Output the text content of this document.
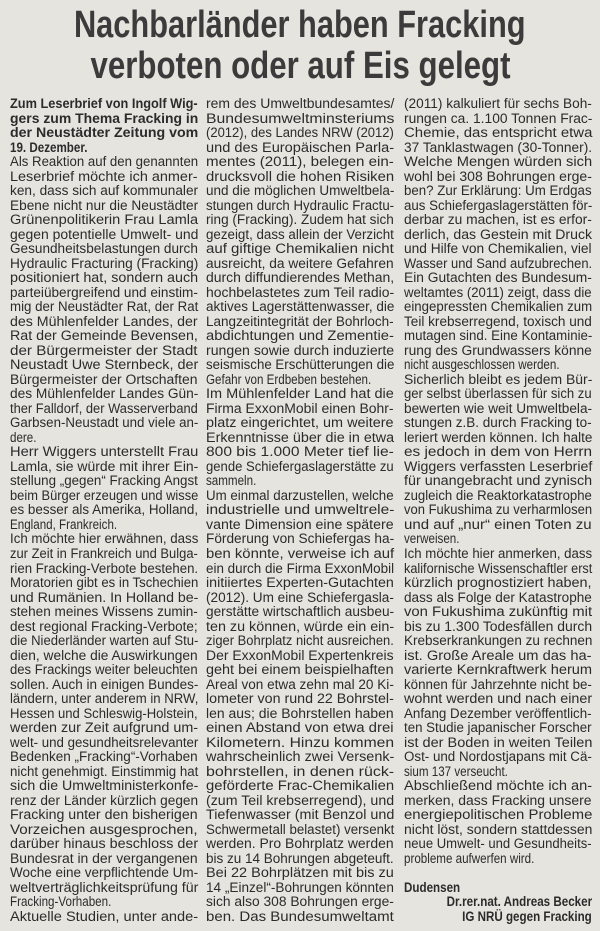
Nachbarländer haben Fracking
verboten oder auf Eis gelegt
Zum Leserbrief von Ingolf Wig-
gers zum Thema Fracking in
der Neustädter Zeitung vom
19. Dezember.
Als Reaktion auf den genannten
Leserbrief möchte ich anmer-
ken, dass sich auf kommunaler
Ebene nicht nur die Neustädter
Grünenpolitikerin Frau Lamla
gegen potentielle Umwelt- und
Gesundheitsbelastungen durch
Hydraulic Fracturing (Fracking)
positioniert hat, sondern auch
parteiübergreifend und einstim-
mig der Neustädter Rat, der Rat
des Mühlenfelder Landes, der
Rat der Gemeinde Bevensen,
der Bürgermeister der Stadt
Neustadt Uwe Sternbeck, der
Bürgermeister der Ortschaften
des Mühlenfelder Landes Gün-
ther Falldorf, der Wasserverband
Garbsen-Neustadt und viele an-
dere.
Herr Wiggers unterstellt Frau
Lamla, sie würde mit ihrer Ein-
stellung „gegen“ Fracking Angst
beim Bürger erzeugen und wisse
es besser als Amerika, Holland,
England, Frankreich.
Ich möchte hier erwähnen, dass
zur Zeit in Frankreich und Bulga-
rien Fracking-Verbote bestehen.
Moratorien gibt es in Tschechien
und Rumänien. In Holland be-
stehen meines Wissens zumin-
dest regional Fracking-Verbote;
die Niederländer warten auf Stu-
dien, welche die Auswirkungen
des Frackings weiter beleuchten
sollen. Auch in einigen Bundes-
ländern, unter anderem in NRW,
Hessen und Schleswig-Holstein,
werden zur Zeit aufgrund um-
welt- und gesundheitsrelevanter
Bedenken „Fracking“-Vorhaben
nicht genehmigt. Einstimmig hat
sich die Umweltministerkonfe-
renz der Länder kürzlich gegen
Fracking unter den bisherigen
Vorzeichen ausgesprochen,
darüber hinaus beschloss der
Bundesrat in der vergangenen
Woche eine verpflichtende Um-
weltverträglichkeitsprüfung für
Fracking-Vorhaben.
Aktuelle Studien, unter ande-
rem des Umweltbundesamtes/
Bundesumweltminsteriums
(2012), des Landes NRW (2012)
und des Europäischen Parla-
mentes (2011), belegen ein-
drucksvoll die hohen Risiken
und die möglichen Umweltbela-
stungen durch Hydraulic Fractu-
ring (Fracking). Zudem hat sich
gezeigt, dass allein der Verzicht
auf giftige Chemikalien nicht
ausreicht, da weitere Gefahren
durch diffundierendes Methan,
hochbelastetes zum Teil radio-
aktives Lagerstättenwasser, die
Langzeitintegrität der Bohrloch-
abdichtungen und Zementie-
rungen sowie durch induzierte
seismische Erschütterungen die
Gefahr von Erdbeben bestehen.
Im Mühlenfelder Land hat die
Firma ExxonMobil einen Bohr-
platz eingerichtet, um weitere
Erkenntnisse über die in etwa
800 bis 1.000 Meter tief lie-
gende Schiefergaslagerstätte zu
sammeln.
Um einmal darzustellen, welche
industrielle und umweltrele-
vante Dimension eine spätere
Förderung von Schiefergas ha-
ben könnte, verweise ich auf
ein durch die Firma ExxonMobil
initiiertes Experten-Gutachten
(2012). Um eine Schiefergasla-
gerstätte wirtschaftlich ausbeu-
ten zu können, würde ein ein-
ziger Bohrplatz nicht ausreichen.
Der ExxonMobil Expertenkreis
geht bei einem beispielhaften
Areal von etwa zehn mal 20 Ki-
lometer von rund 22 Bohrstel-
len aus; die Bohrstellen haben
einen Abstand von etwa drei
Kilometern. Hinzu kommen
wahrscheinlich zwei Versenk-
bohrstellen, in denen rück-
geförderte Frac-Chemikalien
(zum Teil krebserregend), und
Tiefenwasser (mit Benzol und
Schwermetall belastet) versenkt
werden. Pro Bohrplatz werden
bis zu 14 Bohrungen abgeteuft.
Bei 22 Bohrplätzen mit bis zu
14 „Einzel“-Bohrungen könnten
sich also 308 Bohrungen erge-
ben. Das Bundesumweltamt
(2011) kalkuliert für sechs Boh-
rungen ca. 1.100 Tonnen Frac-
Chemie, das entspricht etwa
37 Tanklastwagen (30-Tonner).
Welche Mengen würden sich
wohl bei 308 Bohrungen erge-
ben? Zur Erklärung: Um Erdgas
aus Schiefergaslagerstätten för-
derbar zu machen, ist es erfor-
derlich, das Gestein mit Druck
und Hilfe von Chemikalien, viel
Wasser und Sand aufzubrechen.
Ein Gutachten des Bundesum-
weltamtes (2011) zeigt, dass die
eingepressten Chemikalien zum
Teil krebserregend, toxisch und
mutagen sind. Eine Kontaminie-
rung des Grundwassers könne
nicht ausgeschlossen werden.
Sicherlich bleibt es jedem Bür-
ger selbst überlassen für sich zu
bewerten wie weit Umweltbela-
stungen z.B. durch Fracking to-
leriert werden können. Ich halte
es jedoch in dem von Herrn
Wiggers verfassten Leserbrief
für unangebracht und zynisch
zugleich die Reaktorkatastrophe
von Fukushima zu verharmlosen
und auf „nur“ einen Toten zu
verweisen.
Ich möchte hier anmerken, dass
kalifornische Wissenschaftler erst
kürzlich prognostiziert haben,
dass als Folge der Katastrophe
von Fukushima zukünftig mit
bis zu 1.300 Todesfällen durch
Krebserkrankungen zu rechnen
ist. Große Areale um das ha-
varierte Kernkraftwerk herum
können für Jahrzehnte nicht be-
wohnt werden und nach einer
Anfang Dezember veröffentlich-
ten Studie japanischer Forscher
ist der Boden in weiten Teilen
Ost- und Nordostjapans mit Cä-
sium 137 verseucht.
Abschließend möchte ich an-
merken, dass Fracking unsere
energiepolitischen Probleme
nicht löst, sondern stattdessen
neue Umwelt- und Gesundheits-
probleme aufwerfen wird.
Dudensen
Dr.rer.nat. Andreas Becker
IG NRÜ gegen Fracking
